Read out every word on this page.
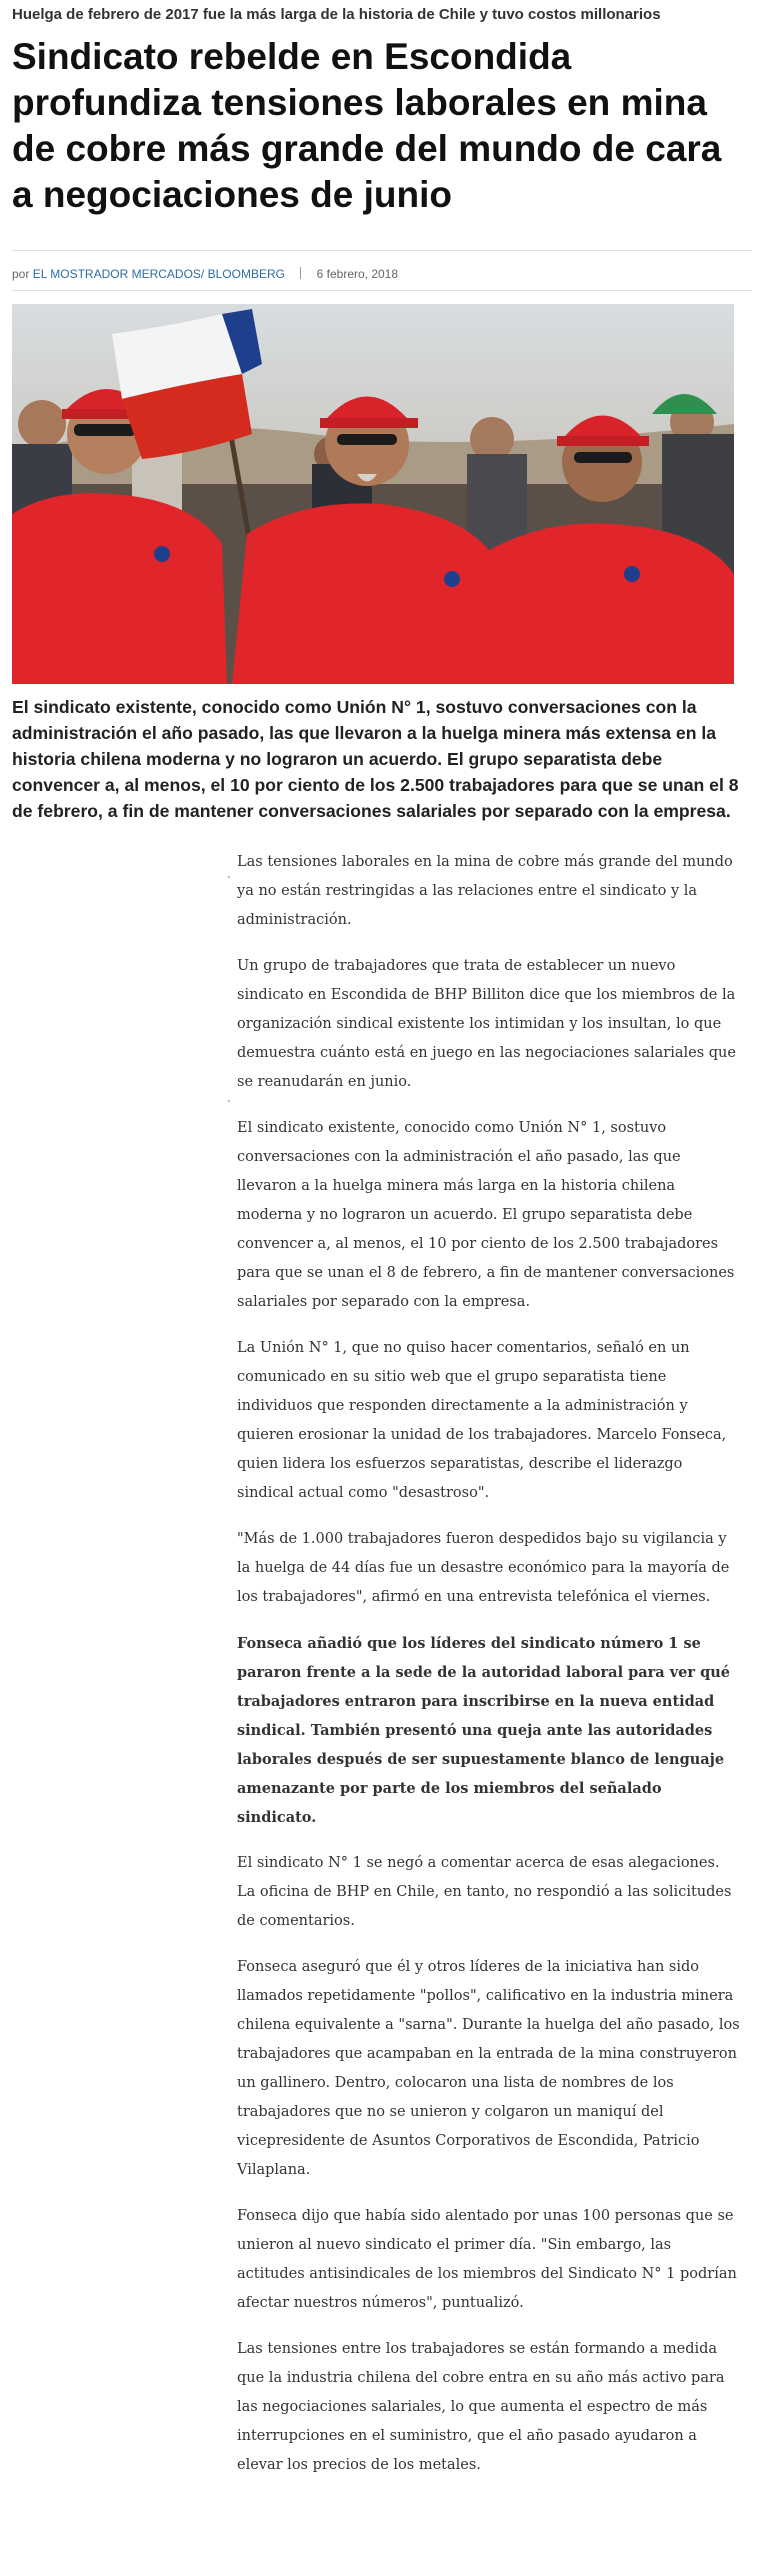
Huelga de febrero de 2017 fue la más larga de la historia de Chile y tuvo costos millonarios
Sindicato rebelde en Escondida profundiza tensiones laborales en mina de cobre más grande del mundo de cara a negociaciones de junio
por EL MOSTRADOR MERCADOS/ BLOOMBERG	6 febrero, 2018

El sindicato existente, conocido como Unión N° 1, sostuvo conversaciones con la administración el año pasado, las que llevaron a la huelga minera más extensa en la historia chilena moderna y no lograron un acuerdo. El grupo separatista debe convencer a, al menos, el 10 por ciento de los 2.500 trabajadores para que se unan el 8 de febrero, a fin de mantener conversaciones salariales por separado con la empresa.

Las tensiones laborales en la mina de cobre más grande del mundo ya no están restringidas a las relaciones entre el sindicato y la administración.

Un grupo de trabajadores que trata de establecer un nuevo sindicato en Escondida de BHP Billiton dice que los miembros de la organización sindical existente los intimidan y los insultan, lo que demuestra cuánto está en juego en las negociaciones salariales que se reanudarán en junio.

El sindicato existente, conocido como Unión N° 1, sostuvo conversaciones con la administración el año pasado, las que llevaron a la huelga minera más larga en la historia chilena moderna y no lograron un acuerdo. El grupo separatista debe convencer a, al menos, el 10 por ciento de los 2.500 trabajadores para que se unan el 8 de febrero, a fin de mantener conversaciones salariales por separado con la empresa.

La Unión N° 1, que no quiso hacer comentarios, señaló en un comunicado en su sitio web que el grupo separatista tiene individuos que responden directamente a la administración y quieren erosionar la unidad de los trabajadores. Marcelo Fonseca, quien lidera los esfuerzos separatistas, describe el liderazgo sindical actual como "desastroso".

"Más de 1.000 trabajadores fueron despedidos bajo su vigilancia y la huelga de 44 días fue un desastre económico para la mayoría de los trabajadores", afirmó en una entrevista telefónica el viernes.

Fonseca añadió que los líderes del sindicato número 1 se pararon frente a la sede de la autoridad laboral para ver qué trabajadores entraron para inscribirse en la nueva entidad sindical. También presentó una queja ante las autoridades laborales después de ser supuestamente blanco de lenguaje amenazante por parte de los miembros del señalado sindicato.

El sindicato N° 1 se negó a comentar acerca de esas alegaciones. La oficina de BHP en Chile, en tanto, no respondió a las solicitudes de comentarios.

Fonseca aseguró que él y otros líderes de la iniciativa han sido llamados repetidamente "pollos", calificativo en la industria minera chilena equivalente a "sarna". Durante la huelga del año pasado, los trabajadores que acampaban en la entrada de la mina construyeron un gallinero. Dentro, colocaron una lista de nombres de los trabajadores que no se unieron y colgaron un maniquí del vicepresidente de Asuntos Corporativos de Escondida, Patricio Vilaplana.

Fonseca dijo que había sido alentado por unas 100 personas que se unieron al nuevo sindicato el primer día. "Sin embargo, las actitudes antisindicales de los miembros del Sindicato N° 1 podrían afectar nuestros números", puntualizó.

Las tensiones entre los trabajadores se están formando a medida que la industria chilena del cobre entra en su año más activo para las negociaciones salariales, lo que aumenta el espectro de más interrupciones en el suministro, que el año pasado ayudaron a elevar los precios de los metales.
